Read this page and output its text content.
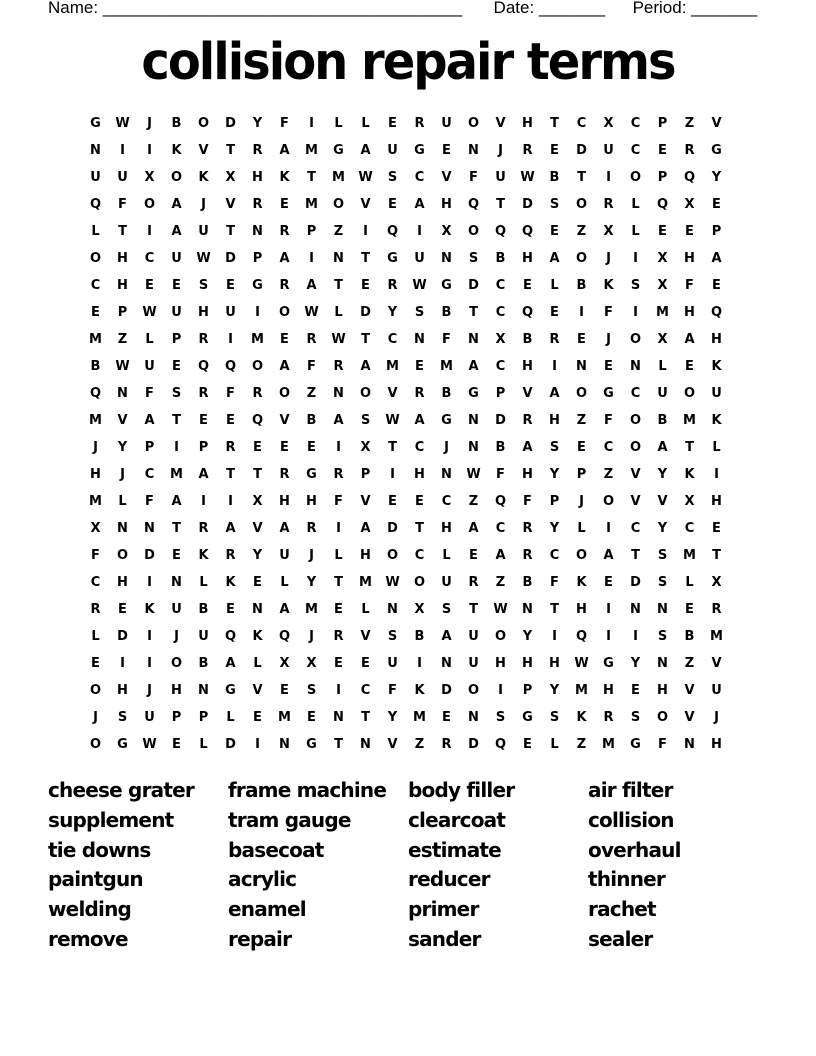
Name: ______________________________________ Date: _______ Period: _______
collision repair terms
G	W	J	B	O	D	Y	F	I	L	L	E	R	U	O	V	H	T	C	X	C	P	Z	V
N	I	I	K	V	T	R	A	M	G	A	U	G	E	N	J	R	E	D	U	C	E	R	G
U	U	X	O	K	X	H	K	T	M	W	S	C	V	F	U	W	B	T	I	O	P	Q	Y
Q	F	O	A	J	V	R	E	M	O	V	E	A	H	Q	T	D	S	O	R	L	Q	X	E
L	T	I	A	U	T	N	R	P	Z	I	Q	I	X	O	Q	Q	E	Z	X	L	E	E	P
O	H	C	U	W	D	P	A	I	N	T	G	U	N	S	B	H	A	O	J	I	X	H	A
C	H	E	E	S	E	G	R	A	T	E	R	W	G	D	C	E	L	B	K	S	X	F	E
E	P	W	U	H	U	I	O	W	L	D	Y	S	B	T	C	Q	E	I	F	I	M	H	Q
M	Z	L	P	R	I	M	E	R	W	T	C	N	F	N	X	B	R	E	J	O	X	A	H
B	W	U	E	Q	Q	O	A	F	R	A	M	E	M	A	C	H	I	N	E	N	L	E	K
Q	N	F	S	R	F	R	O	Z	N	O	V	R	B	G	P	V	A	O	G	C	U	O	U
M	V	A	T	E	E	Q	V	B	A	S	W	A	G	N	D	R	H	Z	F	O	B	M	K
J	Y	P	I	P	R	E	E	E	I	X	T	C	J	N	B	A	S	E	C	O	A	T	L
H	J	C	M	A	T	T	R	G	R	P	I	H	N	W	F	H	Y	P	Z	V	Y	K	I
M	L	F	A	I	I	X	H	H	F	V	E	E	C	Z	Q	F	P	J	O	V	V	X	H
X	N	N	T	R	A	V	A	R	I	A	D	T	H	A	C	R	Y	L	I	C	Y	C	E
F	O	D	E	K	R	Y	U	J	L	H	O	C	L	E	A	R	C	O	A	T	S	M	T
C	H	I	N	L	K	E	L	Y	T	M	W	O	U	R	Z	B	F	K	E	D	S	L	X
R	E	K	U	B	E	N	A	M	E	L	N	X	S	T	W	N	T	H	I	N	N	E	R
L	D	I	J	U	Q	K	Q	J	R	V	S	B	A	U	O	Y	I	Q	I	I	S	B	M
E	I	I	O	B	A	L	X	X	E	E	U	I	N	U	H	H	H	W	G	Y	N	Z	V
O	H	J	H	N	G	V	E	S	I	C	F	K	D	O	I	P	Y	M	H	E	H	V	U
J	S	U	P	P	L	E	M	E	N	T	Y	M	E	N	S	G	S	K	R	S	O	V	J
O	G	W	E	L	D	I	N	G	T	N	V	Z	R	D	Q	E	L	Z	M	G	F	N	H
cheese grater	frame machine	body filler	air filter
supplement	tram gauge	clearcoat	collision
tie downs	basecoat	estimate	overhaul
paintgun	acrylic	reducer	thinner
welding	enamel	primer	rachet
remove	repair	sander	sealer
